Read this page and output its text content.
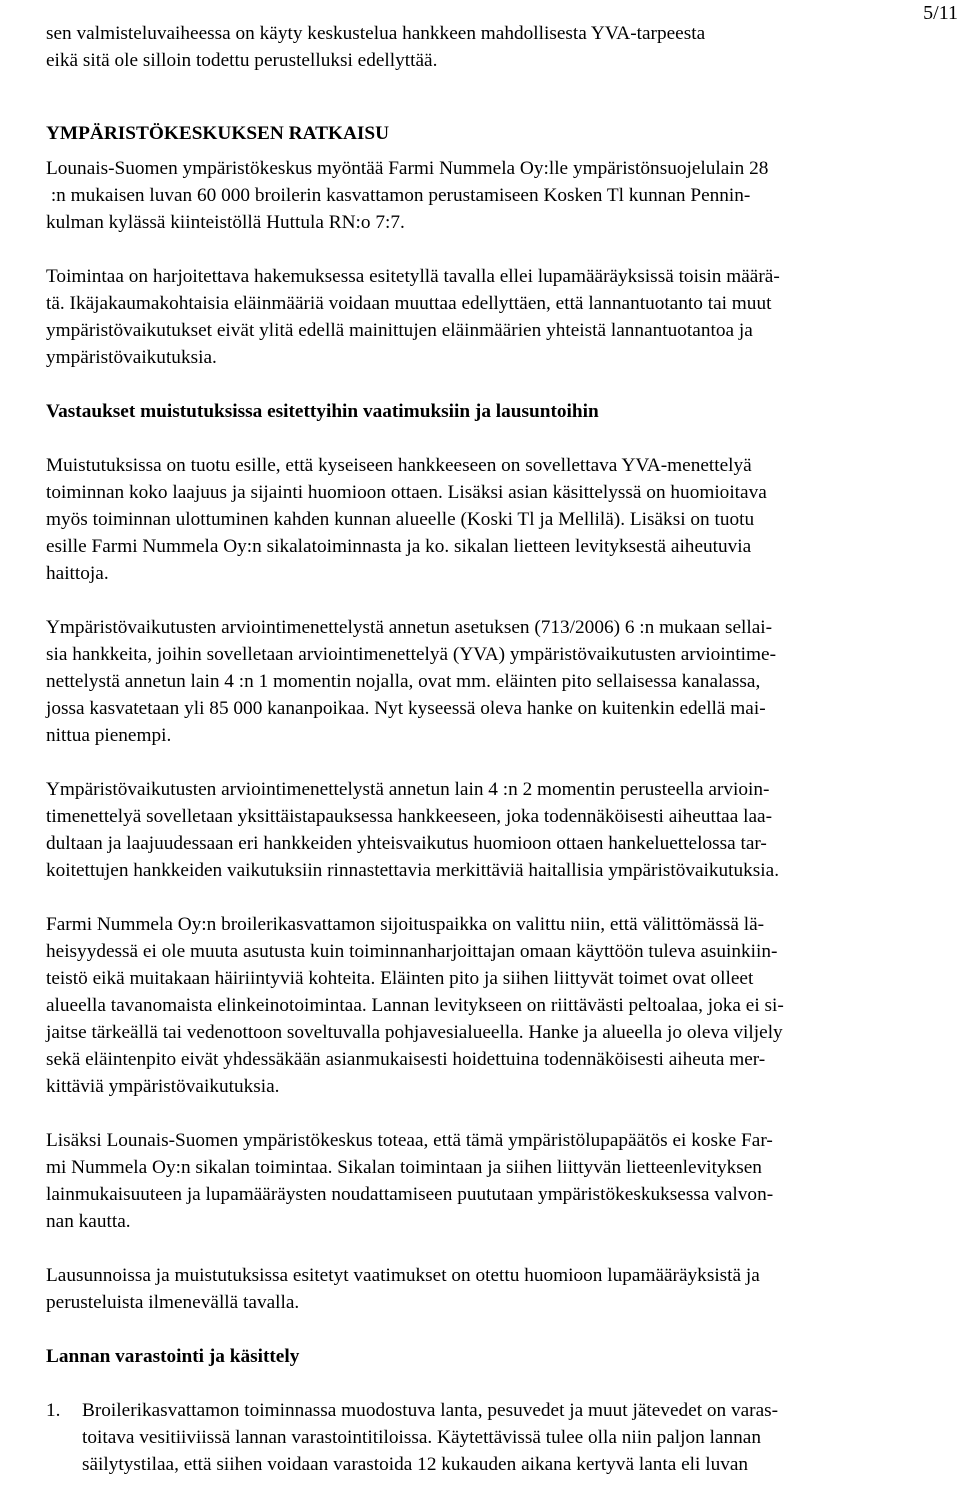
5/11
sen valmisteluvaiheessa on käyty keskustelua hankkeen mahdollisesta YVA-tarpeesta
eikä sitä ole silloin todettu perustelluksi edellyttää.
YMPÄRISTÖKESKUKSEN RATKAISU
Lounais-Suomen ympäristökeskus myöntää Farmi Nummela Oy:lle ympäristönsuojelulain 28
:n mukaisen luvan 60 000 broilerin kasvattamon perustamiseen Kosken Tl kunnan Pennin-
kulman kylässä kiinteistöllä Huttula RN:o 7:7.
Toimintaa on harjoitettava hakemuksessa esitetyllä tavalla ellei lupamääräyksissä toisin määrä-
tä. Ikäjakaumakohtaisia eläinmääriä voidaan muuttaa edellyttäen, että lannantuotanto tai muut
ympäristövaikutukset eivät ylitä edellä mainittujen eläinmäärien yhteistä lannantuotantoa ja
ympäristövaikutuksia.
Vastaukset muistutuksissa esitettyihin vaatimuksiin ja lausuntoihin
Muistutuksissa on tuotu esille, että kyseiseen hankkeeseen on sovellettava YVA-menettelyä
toiminnan koko laajuus ja sijainti huomioon ottaen. Lisäksi asian käsittelyssä on huomioitava
myös toiminnan ulottuminen kahden kunnan alueelle (Koski Tl ja Mellilä). Lisäksi on tuotu
esille Farmi Nummela Oy:n sikalatoiminnasta ja ko. sikalan lietteen levityksestä aiheutuvia
haittoja.
Ympäristövaikutusten arviointimenettelystä annetun asetuksen (713/2006) 6 :n mukaan sellai-
sia hankkeita, joihin sovelletaan arviointimenettelyä (YVA) ympäristövaikutusten arviointime-
nettelystä annetun lain 4 :n 1 momentin nojalla, ovat mm. eläinten pito sellaisessa kanalassa,
jossa kasvatetaan yli 85 000 kananpoikaa. Nyt kyseessä oleva hanke on kuitenkin edellä mai-
nittua pienempi.
Ympäristövaikutusten arviointimenettelystä annetun lain 4 :n 2 momentin perusteella arvioin-
timenettelyä sovelletaan yksittäistapauksessa hankkeeseen, joka todennäköisesti aiheuttaa laa-
dultaan ja laajuudessaan eri hankkeiden yhteisvaikutus huomioon ottaen hankeluettelossa tar-
koitettujen hankkeiden vaikutuksiin rinnastettavia merkittäviä haitallisia ympäristövaikutuksia.
Farmi Nummela Oy:n broilerikasvattamon sijoituspaikka on valittu niin, että välittömässä lä-
heisyydessä ei ole muuta asutusta kuin toiminnanharjoittajan omaan käyttöön tuleva asuinkiin-
teistö eikä muitakaan häiriintyviä kohteita. Eläinten pito ja siihen liittyvät toimet ovat olleet
alueella tavanomaista elinkeinotoimintaa. Lannan levitykseen on riittävästi peltoalaa, joka ei si-
jaitse tärkeällä tai vedenottoon soveltuvalla pohjavesialueella. Hanke ja alueella jo oleva viljely
sekä eläintenpito eivät yhdessäkään asianmukaisesti hoidettuina todennäköisesti aiheuta mer-
kittäviä ympäristövaikutuksia.
Lisäksi Lounais-Suomen ympäristökeskus toteaa, että tämä ympäristölupapäätös ei koske Far-
mi Nummela Oy:n sikalan toimintaa. Sikalan toimintaan ja siihen liittyvän lietteenlevityksen
lainmukaisuuteen ja lupamääräysten noudattamiseen puututaan ympäristökeskuksessa valvon-
nan kautta.
Lausunnoissa ja muistutuksissa esitetyt vaatimukset on otettu huomioon lupamääräyksistä ja
perusteluista ilmenevällä tavalla.
Lannan varastointi ja käsittely
1. Broilerikasvattamon toiminnassa muodostuva lanta, pesuvedet ja muut jätevedet on varas-
toitava vesitiiviissä lannan varastointitiloissa. Käytettävissä tulee olla niin paljon lannan
säilytystilaa, että siihen voidaan varastoida 12 kukauden aikana kertyvä lanta eli luvan
